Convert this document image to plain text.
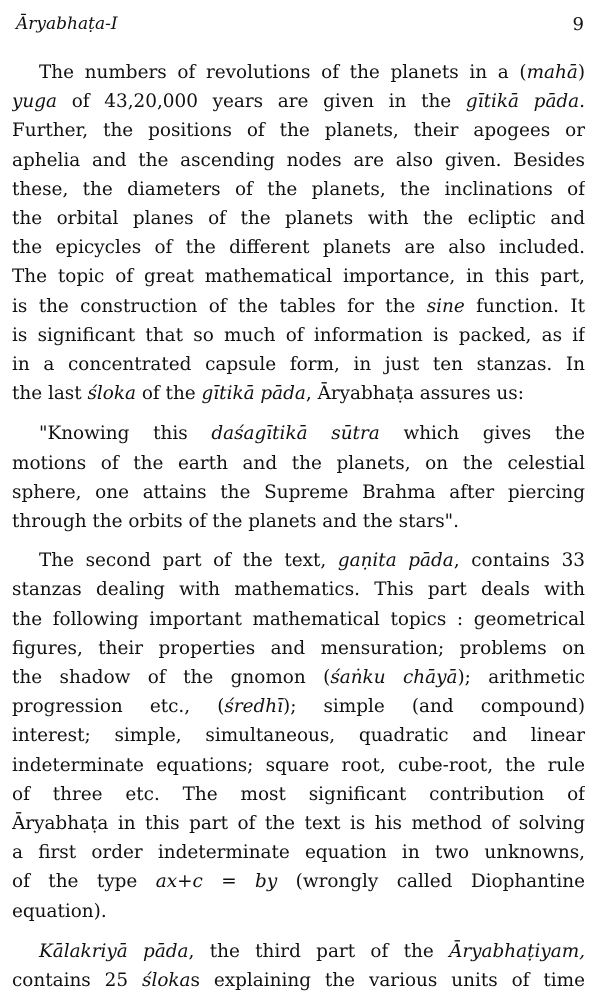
Āryabhaṭa-I	9
The numbers of revolutions of the planets in a (mahā)
yuga of 43,20,000 years are given in the gītikā pāda.
Further, the positions of the planets, their apogees or
aphelia and the ascending nodes are also given. Besides
these, the diameters of the planets, the inclinations of
the orbital planes of the planets with the ecliptic and
the epicycles of the different planets are also included.
The topic of great mathematical importance, in this part,
is the construction of the tables for the sine function. It
is significant that so much of information is packed, as if
in a concentrated capsule form, in just ten stanzas. In
the last śloka of the gītikā pāda, Āryabhaṭa assures us:
"Knowing this daśagītikā sūtra which gives the
motions of the earth and the planets, on the celestial
sphere, one attains the Supreme Brahma after piercing
through the orbits of the planets and the stars".
The second part of the text, gaṇita pāda, contains 33
stanzas dealing with mathematics. This part deals with
the following important mathematical topics : geometrical
figures, their properties and mensuration; problems on
the shadow of the gnomon (śaṅku chāyā); arithmetic
progression etc., (średhī); simple (and compound)
interest; simple, simultaneous, quadratic and linear
indeterminate equations; square root, cube-root, the rule
of three etc. The most significant contribution of
Āryabhaṭa in this part of the text is his method of solving
a first order indeterminate equation in two unknowns,
of the type ax+c = by (wrongly called Diophantine
equation).
Kālakriyā pāda, the third part of the Āryabhaṭiyam,
contains 25 ślokas explaining the various units of time
